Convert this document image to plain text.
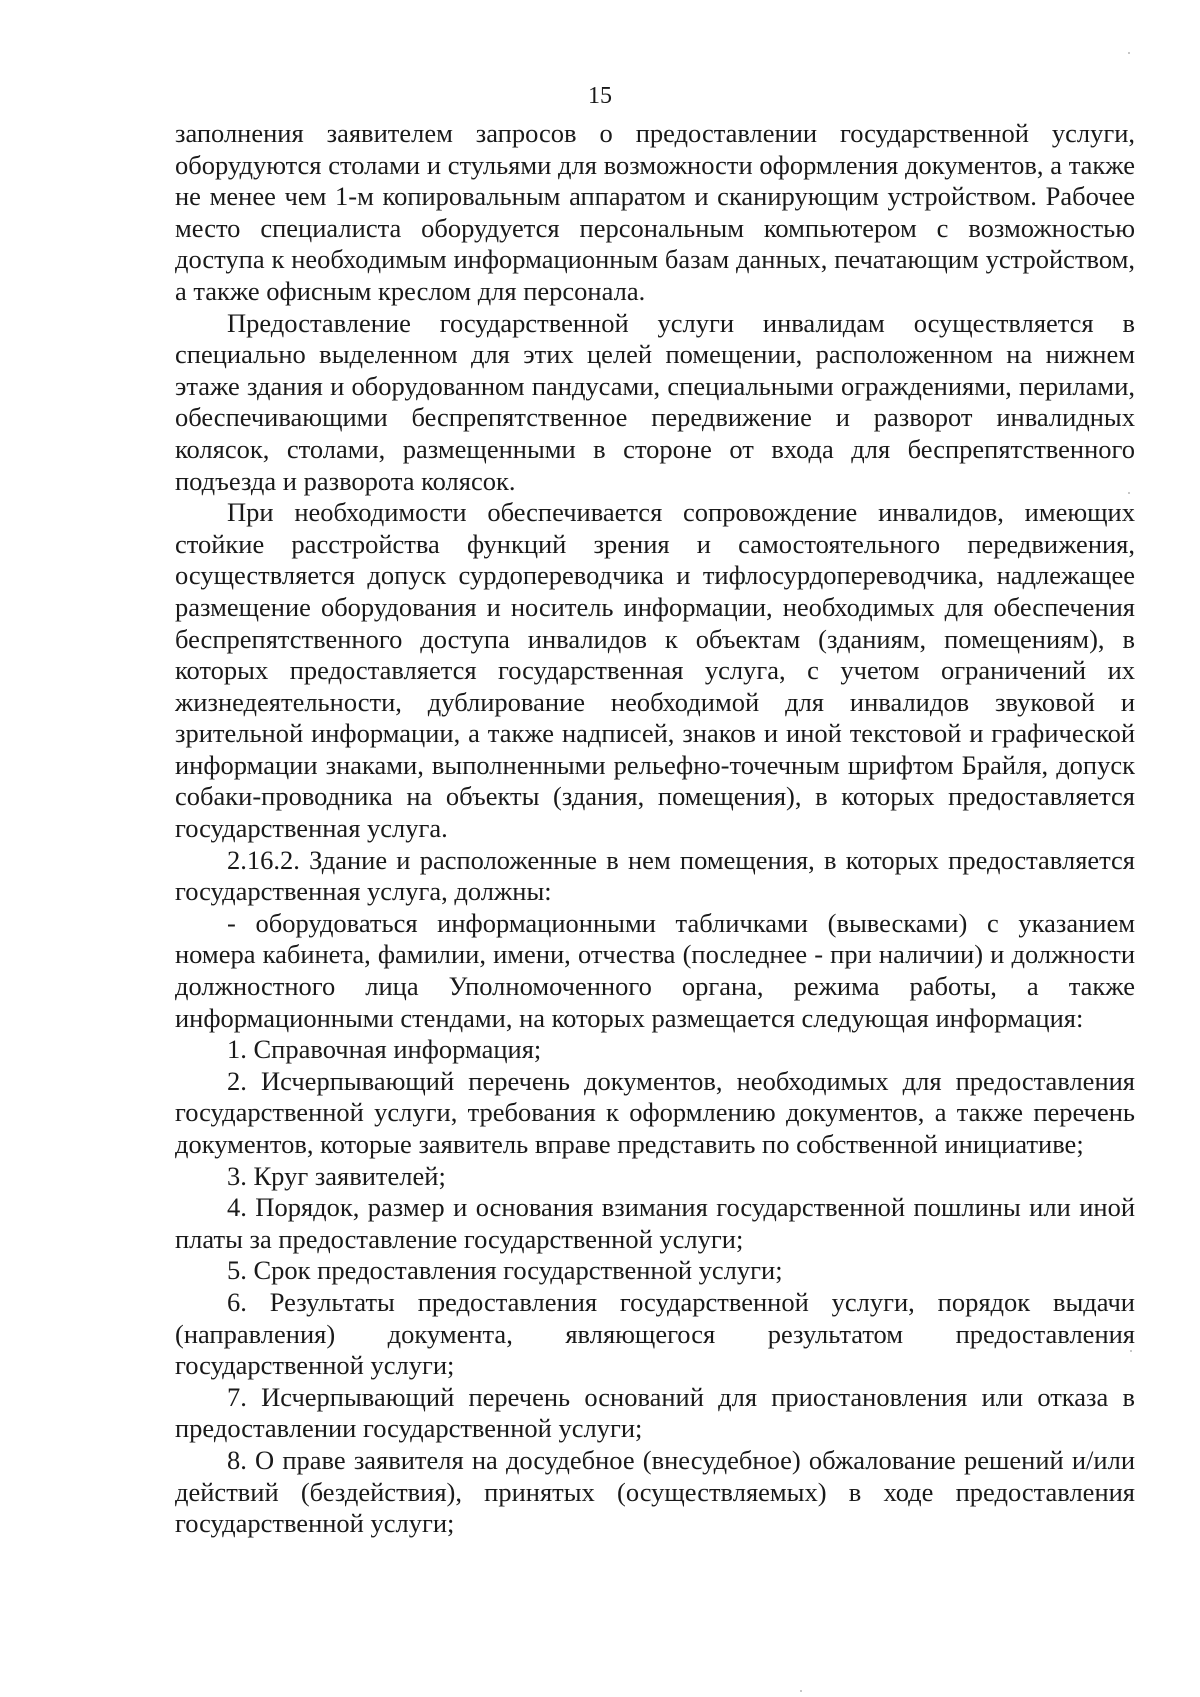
15

заполнения заявителем запросов о предоставлении государственной услуги, оборудуются столами и стульями для возможности оформления документов, а также не менее чем 1-м копировальным аппаратом и сканирующим устройством. Рабочее место специалиста оборудуется персональным компьютером с возможностью доступа к необходимым информационным базам данных, печатающим устройством, а также офисным креслом для персонала.

Предоставление государственной услуги инвалидам осуществляется в специально выделенном для этих целей помещении, расположенном на нижнем этаже здания и оборудованном пандусами, специальными ограждениями, перилами, обеспечивающими беспрепятственное передвижение и разворот инвалидных колясок, столами, размещенными в стороне от входа для беспрепятственного подъезда и разворота колясок.

При необходимости обеспечивается сопровождение инвалидов, имеющих стойкие расстройства функций зрения и самостоятельного передвижения, осуществляется допуск сурдопереводчика и тифлосурдопереводчика, надлежащее размещение оборудования и носитель информации, необходимых для обеспечения беспрепятственного доступа инвалидов к объектам (зданиям, помещениям), в которых предоставляется государственная услуга, с учетом ограничений их жизнедеятельности, дублирование необходимой для инвалидов звуковой и зрительной информации, а также надписей, знаков и иной текстовой и графической информации знаками, выполненными рельефно-точечным шрифтом Брайля, допуск собаки-проводника на объекты (здания, помещения), в которых предоставляется государственная услуга.

2.16.2. Здание и расположенные в нем помещения, в которых предоставляется государственная услуга, должны:

- оборудоваться информационными табличками (вывесками) с указанием номера кабинета, фамилии, имени, отчества (последнее - при наличии) и должности должностного лица Уполномоченного органа, режима работы, а также информационными стендами, на которых размещается следующая информация:

1. Справочная информация;

2. Исчерпывающий перечень документов, необходимых для предоставления государственной услуги, требования к оформлению документов, а также перечень документов, которые заявитель вправе представить по собственной инициативе;

3. Круг заявителей;

4. Порядок, размер и основания взимания государственной пошлины или иной платы за предоставление государственной услуги;

5. Срок предоставления государственной услуги;

6. Результаты предоставления государственной услуги, порядок выдачи (направления) документа, являющегося результатом предоставления государственной услуги;

7. Исчерпывающий перечень оснований для приостановления или отказа в предоставлении государственной услуги;

8. О праве заявителя на досудебное (внесудебное) обжалование решений и/или действий (бездействия), принятых (осуществляемых) в ходе предоставления государственной услуги;
